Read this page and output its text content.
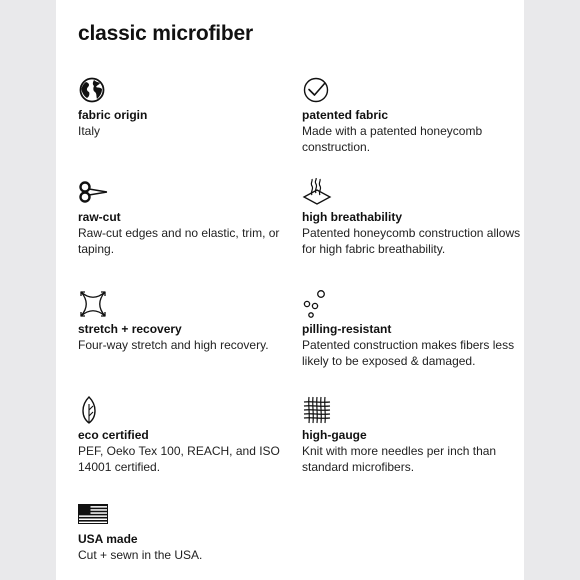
classic microfiber
fabric origin
Italy
patented fabric
Made with a patented honeycomb construction.
raw-cut
Raw-cut edges and no elastic, trim, or taping.
high breathability
Patented honeycomb construction allows for high fabric breathability.
stretch + recovery
Four-way stretch and high recovery.
pilling-resistant
Patented construction makes fibers less likely to be exposed & damaged.
eco certified
PEF, Oeko Tex 100, REACH, and ISO 14001 certified.
high-gauge
Knit with more needles per inch than standard microfibers.
USA made
Cut + sewn in the USA.
